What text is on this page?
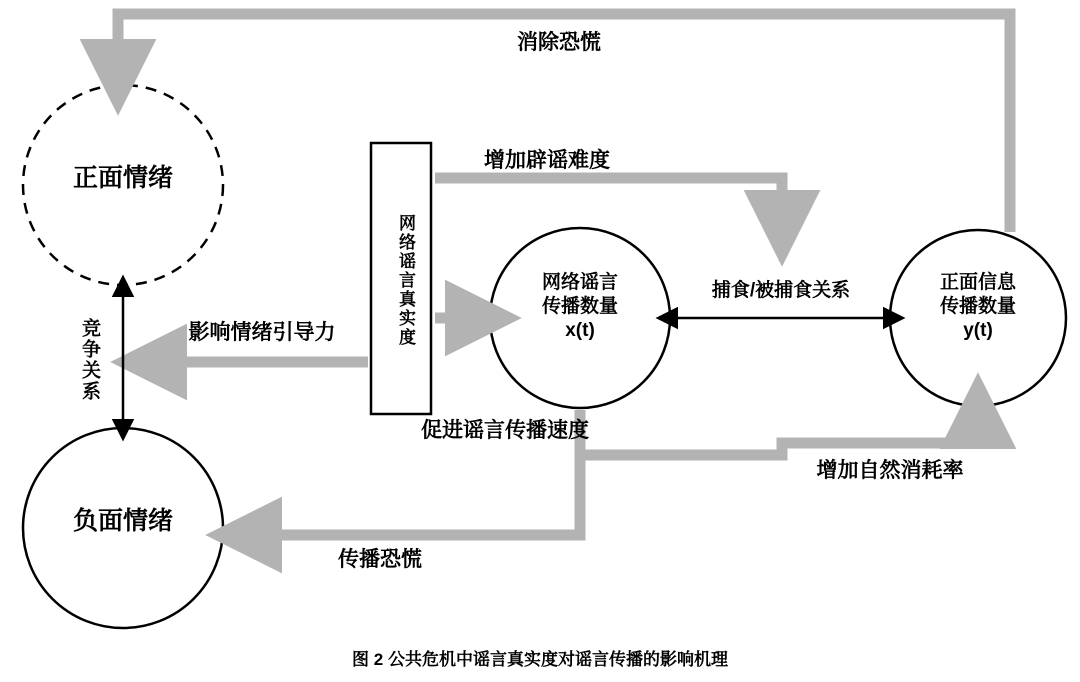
正面情绪
负面情绪
网络谣言真实度	网络谣言
传播数量
x(t)
正面信息
传播数量
y(t)
消除恐慌
增加辟谣难度
捕食/被捕食关系
影响情绪引导力
竞争关系
促进谣言传播速度
增加自然消耗率
传播恐慌
图 2 公共危机中谣言真实度对谣言传播的影响机理
